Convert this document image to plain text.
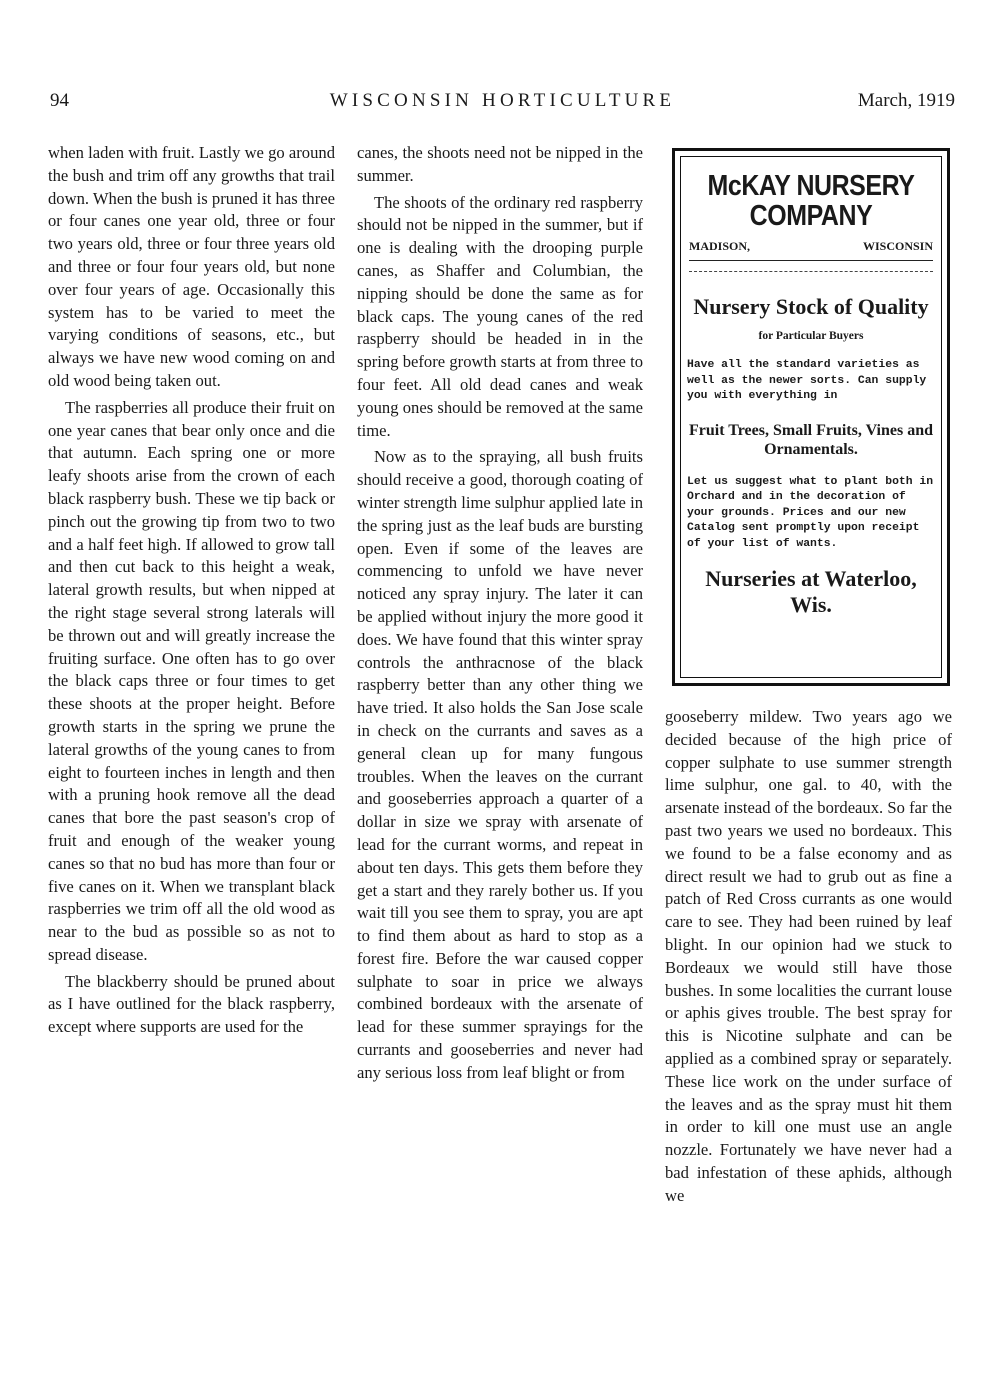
94	WISCONSIN HORTICULTURE	March, 1919

when laden with fruit. Lastly we go around the bush and trim off any growths that trail down. When the bush is pruned it has three or four canes one year old, three or four two years old, three or four three years old and three or four four years old, but none over four years of age. Occasionally this system has to be varied to meet the varying conditions of seasons, etc., but always we have new wood coming on and old wood being taken out.

The raspberries all produce their fruit on one year canes that bear only once and die that autumn. Each spring one or more leafy shoots arise from the crown of each black raspberry bush. These we tip back or pinch out the growing tip from two to two and a half feet high. If allowed to grow tall and then cut back to this height a weak, lateral growth results, but when nipped at the right stage several strong laterals will be thrown out and will greatly increase the fruiting surface. One often has to go over the black caps three or four times to get these shoots at the proper height. Before growth starts in the spring we prune the lateral growths of the young canes to from eight to fourteen inches in length and then with a pruning hook remove all the dead canes that bore the past season's crop of fruit and enough of the weaker young canes so that no bud has more than four or five canes on it. When we transplant black raspberries we trim off all the old wood as near to the bud as possible so as not to spread disease.

The blackberry should be pruned about as I have outlined for the black raspberry, except where supports are used for the

canes, the shoots need not be nipped in the summer.

The shoots of the ordinary red raspberry should not be nipped in the summer, but if one is dealing with the drooping purple canes, as Shaffer and Columbian, the nipping should be done the same as for black caps. The young canes of the red raspberry should be headed in in the spring before growth starts at from three to four feet. All old dead canes and weak young ones should be removed at the same time.

Now as to the spraying, all bush fruits should receive a good, thorough coating of winter strength lime sulphur applied late in the spring just as the leaf buds are bursting open. Even if some of the leaves are commencing to unfold we have never noticed any spray injury. The later it can be applied without injury the more good it does. We have found that this winter spray controls the anthracnose of the black raspberry better than any other thing we have tried. It also holds the San Jose scale in check on the currants and saves as a general clean up for many fungous troubles. When the leaves on the currant and gooseberries approach a quarter of a dollar in size we spray with arsenate of lead for the currant worms, and repeat in about ten days. This gets them before they get a start and they rarely bother us. If you wait till you see them to spray, you are apt to find them about as hard to stop as a forest fire. Before the war caused copper sulphate to soar in price we always combined bordeaux with the arsenate of lead for these summer sprayings for the currants and gooseberries and never had any serious loss from leaf blight or from

McKAY NURSERY
COMPANY
MADISON,	WISCONSIN
Nursery Stock of Quality
for Particular Buyers
Have all the standard varieties as well as the newer sorts. Can supply you with everything in
Fruit Trees, Small Fruits, Vines and Ornamentals.
Let us suggest what to plant both in Orchard and in the decoration of your grounds. Prices and our new Catalog sent promptly upon receipt of your list of wants.
Nurseries at Waterloo, Wis.

gooseberry mildew. Two years ago we decided because of the high price of copper sulphate to use summer strength lime sulphur, one gal. to 40, with the arsenate instead of the bordeaux. So far the past two years we used no bordeaux. This we found to be a false economy and as direct result we had to grub out as fine a patch of Red Cross currants as one would care to see. They had been ruined by leaf blight. In our opinion had we stuck to Bordeaux we would still have those bushes. In some localities the currant louse or aphis gives trouble. The best spray for this is Nicotine sulphate and can be applied as a combined spray or separately. These lice work on the under surface of the leaves and as the spray must hit them in order to kill one must use an angle nozzle. Fortunately we have never had a bad infestation of these aphids, although we
